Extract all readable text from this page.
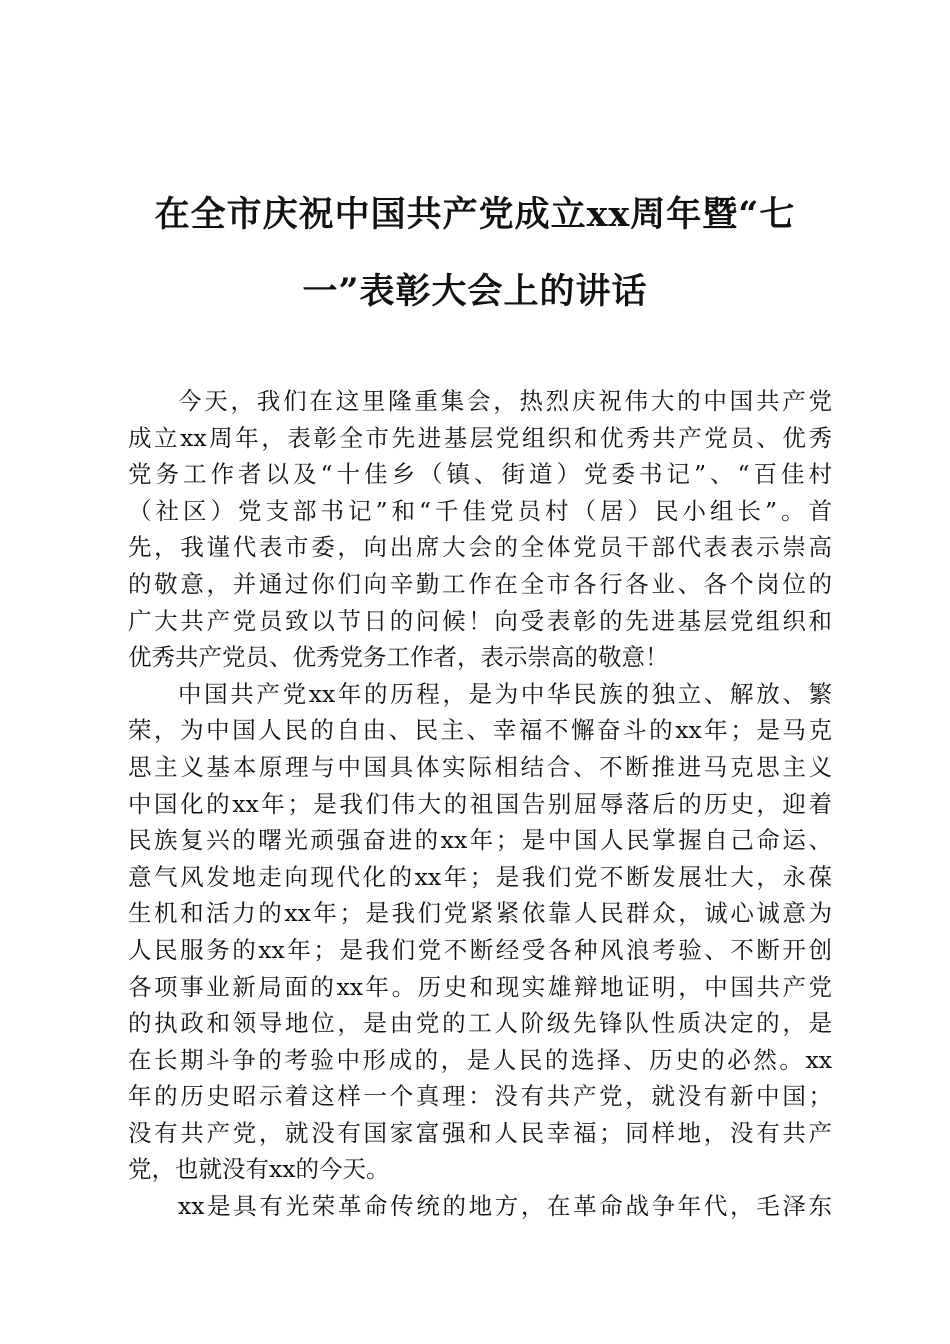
在全市庆祝中国共产党成立xx周年暨“七
一”表彰大会上的讲话
今天，我们在这里隆重集会，热烈庆祝伟大的中国共产党
成立xx周年，表彰全市先进基层党组织和优秀共产党员、优秀
党务工作者以及“十佳乡（镇、街道）党委书记”、“百佳村
（社区）党支部书记”和“千佳党员村（居）民小组长”。首
先，我谨代表市委，向出席大会的全体党员干部代表表示崇高
的敬意，并通过你们向辛勤工作在全市各行各业、各个岗位的
广大共产党员致以节日的问候！向受表彰的先进基层党组织和
优秀共产党员、优秀党务工作者，表示崇高的敬意！
中国共产党xx年的历程，是为中华民族的独立、解放、繁
荣，为中国人民的自由、民主、幸福不懈奋斗的xx年；是马克
思主义基本原理与中国具体实际相结合、不断推进马克思主义
中国化的xx年；是我们伟大的祖国告别屈辱落后的历史，迎着
民族复兴的曙光顽强奋进的xx年；是中国人民掌握自己命运、
意气风发地走向现代化的xx年；是我们党不断发展壮大，永葆
生机和活力的xx年；是我们党紧紧依靠人民群众，诚心诚意为
人民服务的xx年；是我们党不断经受各种风浪考验、不断开创
各项事业新局面的xx年。历史和现实雄辩地证明，中国共产党
的执政和领导地位，是由党的工人阶级先锋队性质决定的，是
在长期斗争的考验中形成的，是人民的选择、历史的必然。xx
年的历史昭示着这样一个真理：没有共产党，就没有新中国；
没有共产党，就没有国家富强和人民幸福；同样地，没有共产
党，也就没有xx的今天。
xx是具有光荣革命传统的地方，在革命战争年代，毛泽东
